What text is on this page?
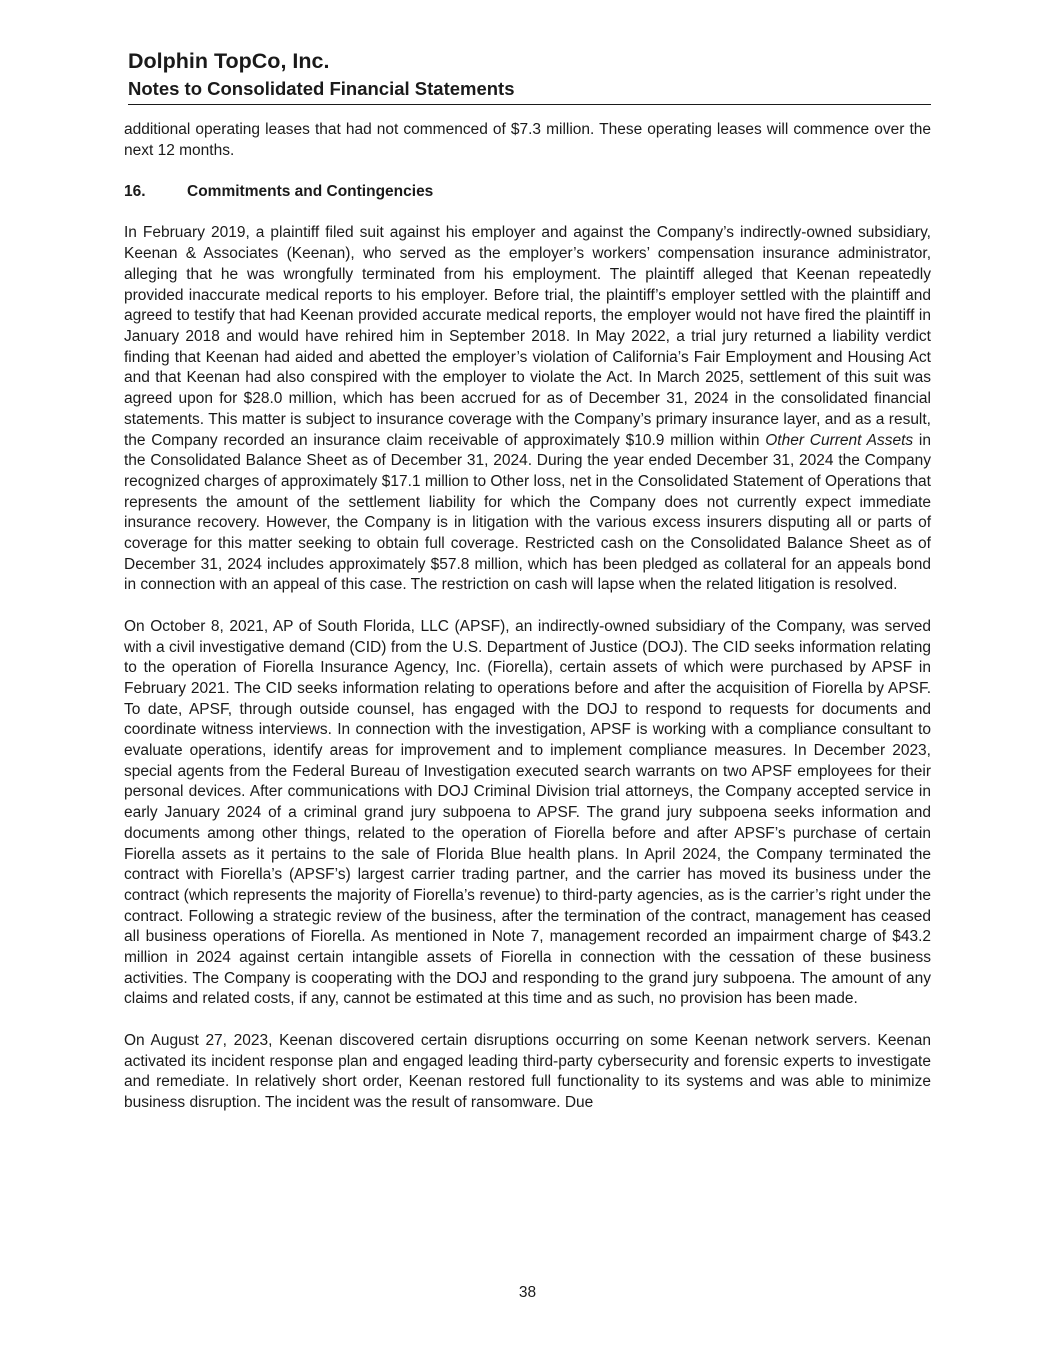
Dolphin TopCo, Inc.
Notes to Consolidated Financial Statements

additional operating leases that had not commenced of $7.3 million. These operating leases will commence over the next 12 months.

16.	Commitments and Contingencies

In February 2019, a plaintiff filed suit against his employer and against the Company’s indirectly-owned subsidiary, Keenan & Associates (Keenan), who served as the employer’s workers’ compensation insurance administrator, alleging that he was wrongfully terminated from his employment. The plaintiff alleged that Keenan repeatedly provided inaccurate medical reports to his employer. Before trial, the plaintiff’s employer settled with the plaintiff and agreed to testify that had Keenan provided accurate medical reports, the employer would not have fired the plaintiff in January 2018 and would have rehired him in September 2018. In May 2022, a trial jury returned a liability verdict finding that Keenan had aided and abetted the employer’s violation of California’s Fair Employment and Housing Act and that Keenan had also conspired with the employer to violate the Act. In March 2025, settlement of this suit was agreed upon for $28.0 million, which has been accrued for as of December 31, 2024 in the consolidated financial statements. This matter is subject to insurance coverage with the Company’s primary insurance layer, and as a result, the Company recorded an insurance claim receivable of approximately $10.9 million within Other Current Assets in the Consolidated Balance Sheet as of December 31, 2024. During the year ended December 31, 2024 the Company recognized charges of approximately $17.1 million to Other loss, net in the Consolidated Statement of Operations that represents the amount of the settlement liability for which the Company does not currently expect immediate insurance recovery. However, the Company is in litigation with the various excess insurers disputing all or parts of coverage for this matter seeking to obtain full coverage. Restricted cash on the Consolidated Balance Sheet as of December 31, 2024 includes approximately $57.8 million, which has been pledged as collateral for an appeals bond in connection with an appeal of this case. The restriction on cash will lapse when the related litigation is resolved.

On October 8, 2021, AP of South Florida, LLC (APSF), an indirectly-owned subsidiary of the Company, was served with a civil investigative demand (CID) from the U.S. Department of Justice (DOJ). The CID seeks information relating to the operation of Fiorella Insurance Agency, Inc. (Fiorella), certain assets of which were purchased by APSF in February 2021. The CID seeks information relating to operations before and after the acquisition of Fiorella by APSF. To date, APSF, through outside counsel, has engaged with the DOJ to respond to requests for documents and coordinate witness interviews. In connection with the investigation, APSF is working with a compliance consultant to evaluate operations, identify areas for improvement and to implement compliance measures. In December 2023, special agents from the Federal Bureau of Investigation executed search warrants on two APSF employees for their personal devices. After communications with DOJ Criminal Division trial attorneys, the Company accepted service in early January 2024 of a criminal grand jury subpoena to APSF. The grand jury subpoena seeks information and documents among other things, related to the operation of Fiorella before and after APSF’s purchase of certain Fiorella assets as it pertains to the sale of Florida Blue health plans. In April 2024, the Company terminated the contract with Fiorella’s (APSF’s) largest carrier trading partner, and the carrier has moved its business under the contract (which represents the majority of Fiorella’s revenue) to third-party agencies, as is the carrier’s right under the contract. Following a strategic review of the business, after the termination of the contract, management has ceased all business operations of Fiorella. As mentioned in Note 7, management recorded an impairment charge of $43.2 million in 2024 against certain intangible assets of Fiorella in connection with the cessation of these business activities. The Company is cooperating with the DOJ and responding to the grand jury subpoena. The amount of any claims and related costs, if any, cannot be estimated at this time and as such, no provision has been made.

On August 27, 2023, Keenan discovered certain disruptions occurring on some Keenan network servers. Keenan activated its incident response plan and engaged leading third-party cybersecurity and forensic experts to investigate and remediate. In relatively short order, Keenan restored full functionality to its systems and was able to minimize business disruption. The incident was the result of ransomware. Due

38
